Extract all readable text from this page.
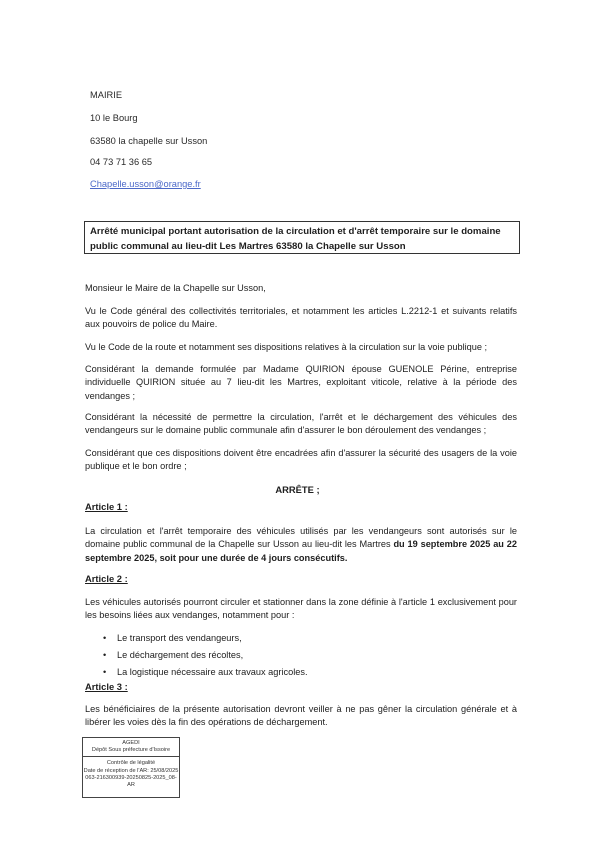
MAIRIE
10 le Bourg
63580 la chapelle sur Usson
04 73 71 36 65
Chapelle.usson@orange.fr
Arrêté municipal portant autorisation de la circulation et d'arrêt temporaire sur le domaine public communal au lieu-dit Les Martres 63580 la Chapelle sur Usson
Monsieur le Maire de la Chapelle sur Usson,
Vu le Code général des collectivités territoriales, et notamment les articles L.2212-1 et suivants relatifs aux pouvoirs de police du Maire.
Vu le Code de la route et notamment ses dispositions relatives à la circulation sur la voie publique ;
Considérant la demande formulée par Madame QUIRION épouse GUENOLE Périne, entreprise individuelle QUIRION située au 7 lieu-dit les Martres, exploitant viticole, relative à la période des vendanges ;
Considérant la nécessité de permettre la circulation, l'arrêt et le déchargement des véhicules des vendangeurs sur le domaine public communale afin d'assurer le bon déroulement des vendanges ;
Considérant que ces dispositions doivent être encadrées afin d'assurer la sécurité des usagers de la voie publique et le bon ordre ;
ARRÊTE ;
Article 1 :
La circulation et l'arrêt temporaire des véhicules utilisés par les vendangeurs sont autorisés sur le domaine public communal de la Chapelle sur Usson au lieu-dit les Martres du 19 septembre 2025 au 22 septembre 2025, soit pour une durée de 4 jours consécutifs.
Article 2 :
Les véhicules autorisés pourront circuler et stationner dans la zone définie à l'article 1 exclusivement pour les besoins liées aux vendanges, notamment pour :
• Le transport des vendangeurs,
• Le déchargement des récoltes,
• La logistique nécessaire aux travaux agricoles.
Article 3 :
Les bénéficiaires de la présente autorisation devront veiller à ne pas gêner la circulation générale et à libérer les voies dès la fin des opérations de déchargement.
AGEDI
Dépôt Sous préfecture d'Issoire
Contrôle de légalité
Date de réception de l'AR: 25/08/2025
063-216300939-20250825-2025_08-AR
